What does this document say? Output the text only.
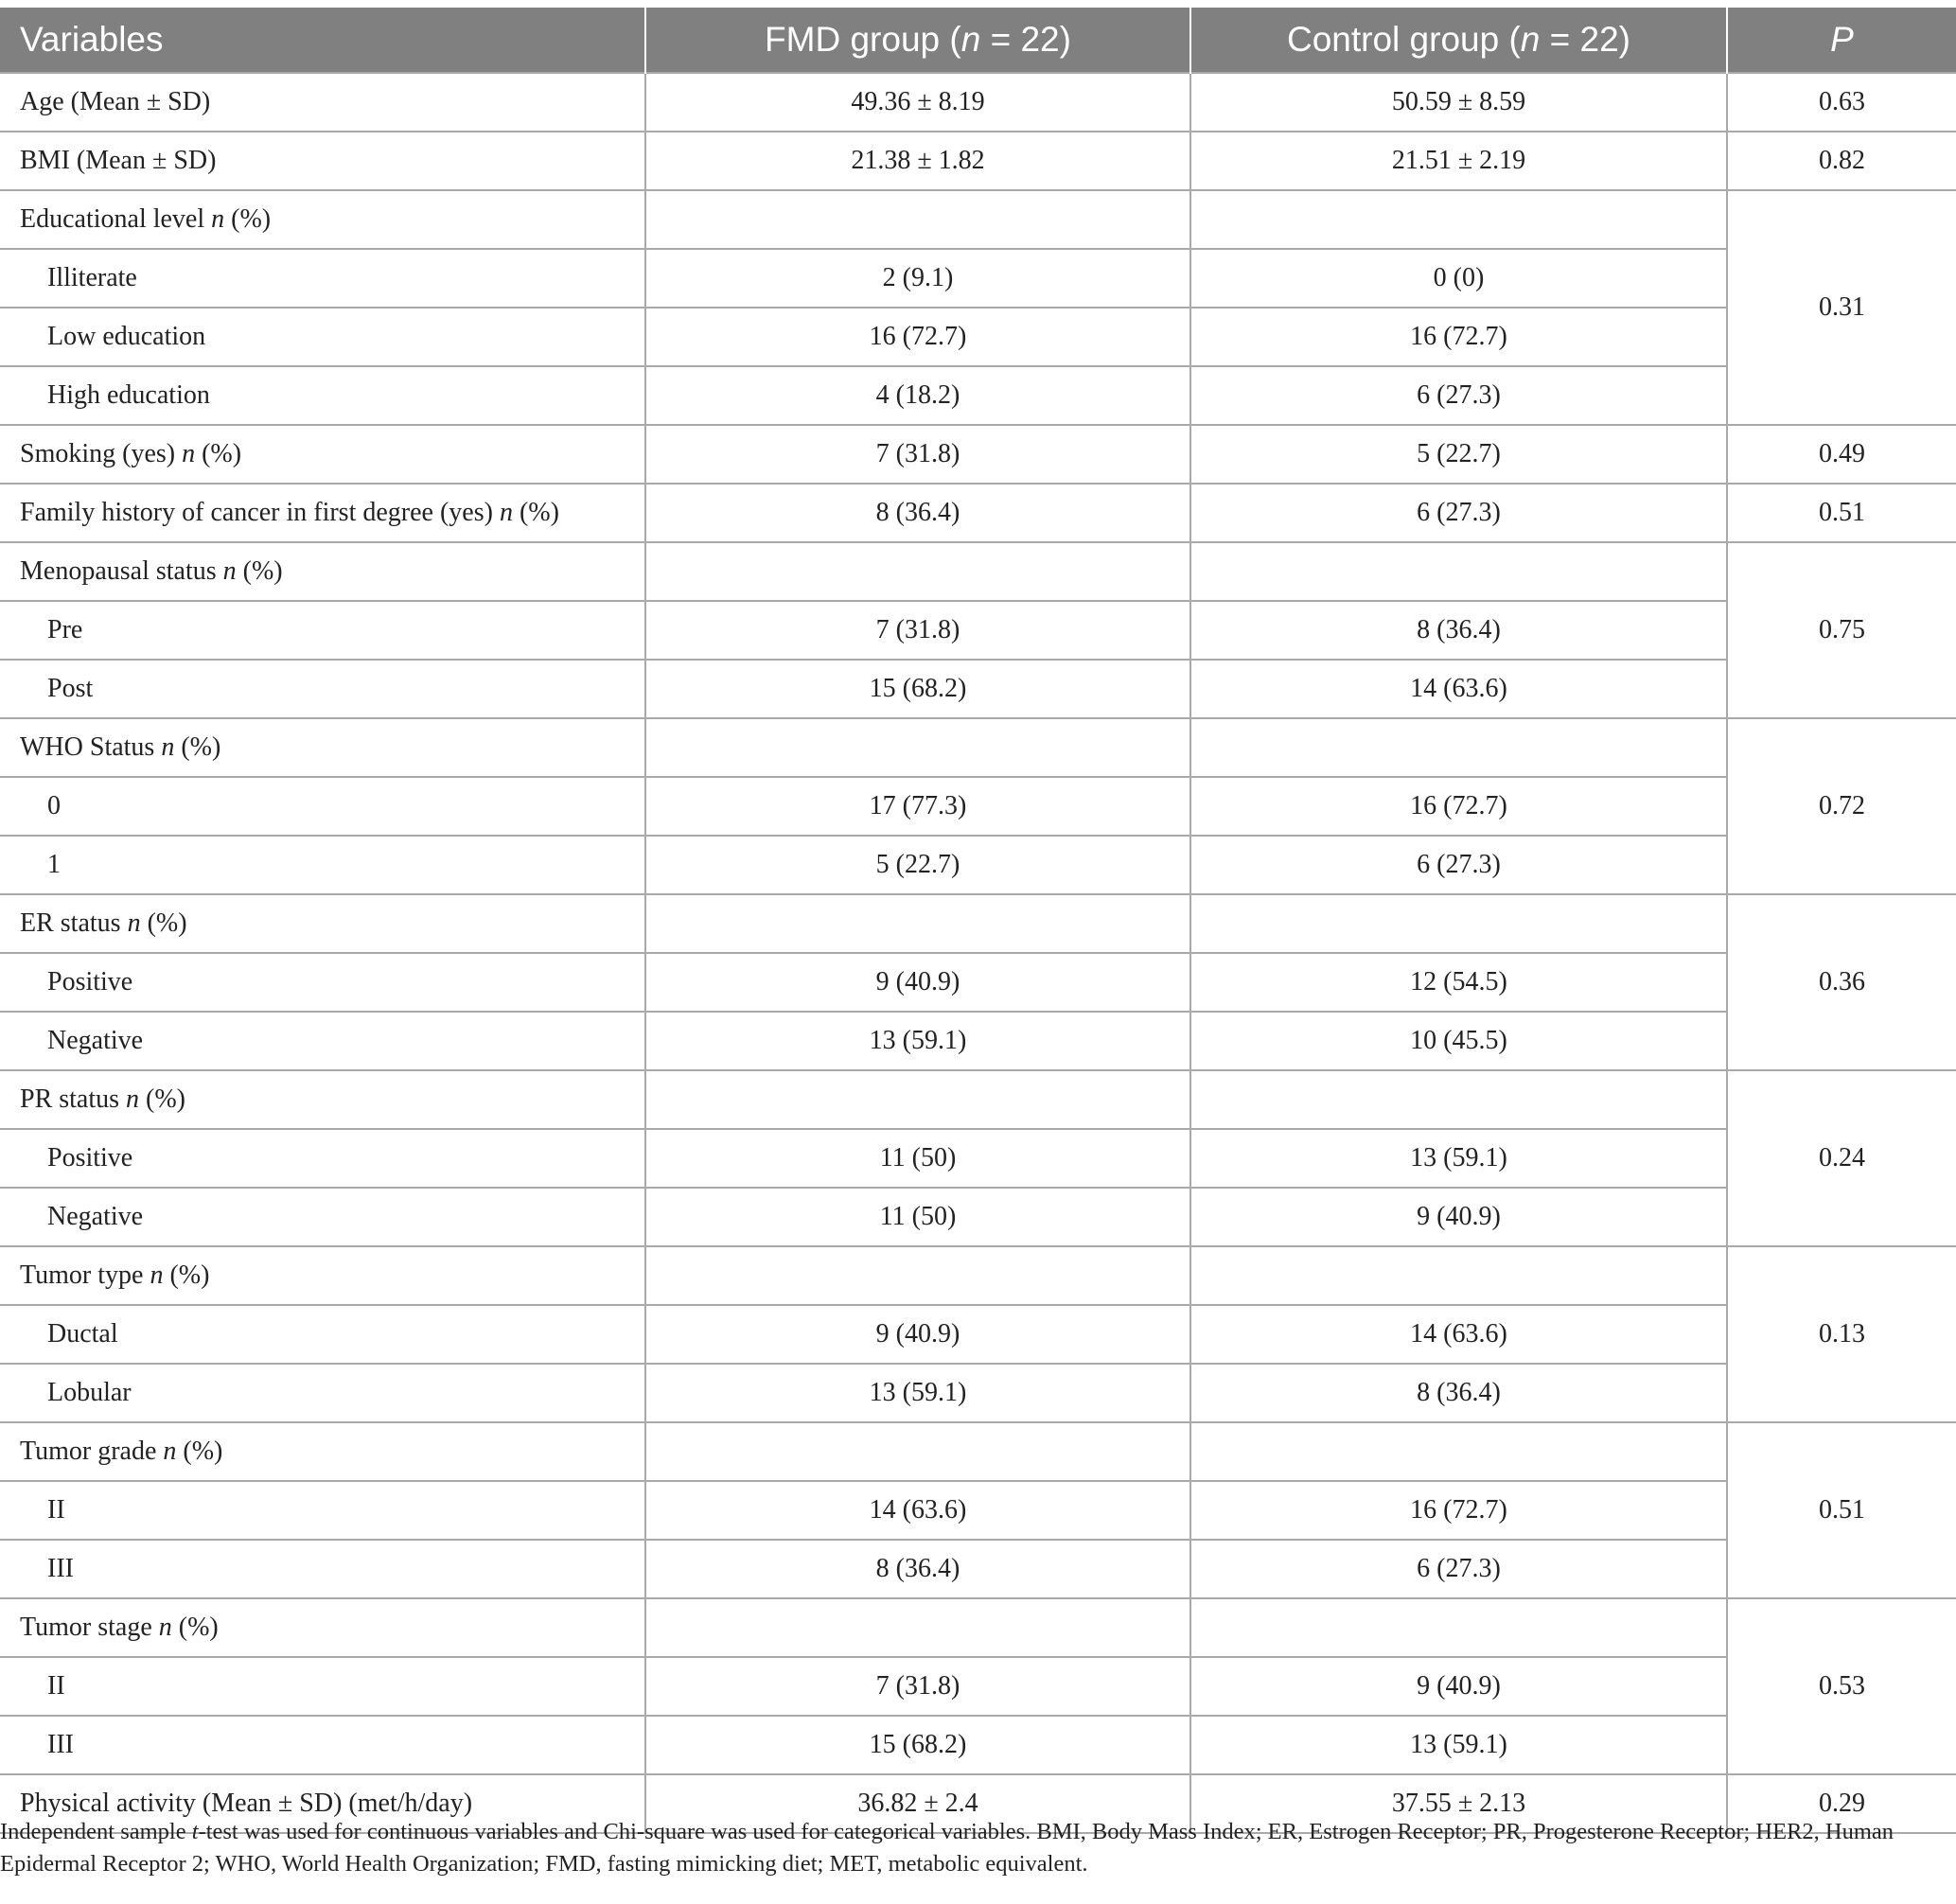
Variables	FMD group (n = 22)	Control group (n = 22)	P
Age (Mean ± SD)	49.36 ± 8.19	50.59 ± 8.59	0.63
BMI (Mean ± SD)	21.38 ± 1.82	21.51 ± 2.19	0.82
Educational level n (%)			0.31
Illiterate	2 (9.1)	0 (0)	
Low education	16 (72.7)	16 (72.7)	
High education	4 (18.2)	6 (27.3)	
Smoking (yes) n (%)	7 (31.8)	5 (22.7)	0.49
Family history of cancer in first degree (yes) n (%)	8 (36.4)	6 (27.3)	0.51
Menopausal status n (%)			0.75
Pre	7 (31.8)	8 (36.4)	
Post	15 (68.2)	14 (63.6)	
WHO Status n (%)			0.72
0	17 (77.3)	16 (72.7)	
1	5 (22.7)	6 (27.3)	
ER status n (%)			0.36
Positive	9 (40.9)	12 (54.5)	
Negative	13 (59.1)	10 (45.5)	
PR status n (%)			0.24
Positive	11 (50)	13 (59.1)	
Negative	11 (50)	9 (40.9)	
Tumor type n (%)			0.13
Ductal	9 (40.9)	14 (63.6)	
Lobular	13 (59.1)	8 (36.4)	
Tumor grade n (%)			0.51
II	14 (63.6)	16 (72.7)	
III	8 (36.4)	6 (27.3)	
Tumor stage n (%)			0.53
II	7 (31.8)	9 (40.9)	
III	15 (68.2)	13 (59.1)	
Physical activity (Mean ± SD) (met/h/day)	36.82 ± 2.4	37.55 ± 2.13	0.29

Independent sample t-test was used for continuous variables and Chi-square was used for categorical variables. BMI, Body Mass Index; ER, Estrogen Receptor; PR, Progesterone Receptor; HER2, Human Epidermal Receptor 2; WHO, World Health Organization; FMD, fasting mimicking diet; MET, metabolic equivalent.
